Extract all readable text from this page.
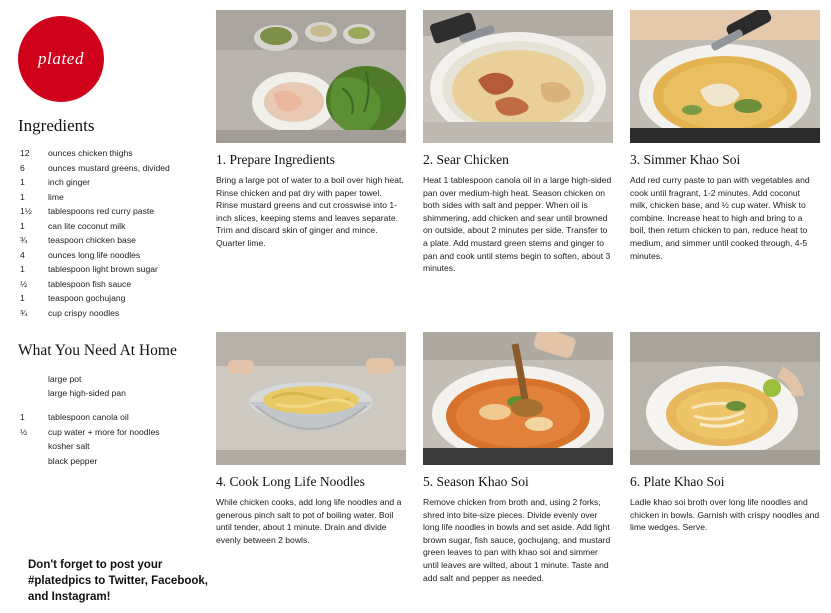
plated
Ingredients
12	ounces chicken thighs
6	ounces mustard greens, divided
1	inch ginger
1	lime
1½	tablespoons red curry paste
1	can lite coconut milk
¾	teaspoon chicken base
4	ounces long life noodles
1	tablespoon light brown sugar
½	tablespoon fish sauce
1	teaspoon gochujang
¾	cup crispy noodles
What You Need At Home
large pot
large high-sided pan
1	tablespoon canola oil
½	cup water + more for noodles
kosher salt
black pepper
Don't forget to post your #platedpics to Twitter, Facebook, and Instagram!
1. Prepare Ingredients
Bring a large pot of water to a boil over high heat. Rinse chicken and pat dry with paper towel. Rinse mustard greens and cut crosswise into 1-inch slices, keeping stems and leaves separate. Trim and discard skin of ginger and mince. Quarter lime.
2. Sear Chicken
Heat 1 tablespoon canola oil in a large high-sided pan over medium-high heat. Season chicken on both sides with salt and pepper. When oil is shimmering, add chicken and sear until browned on outside, about 2 minutes per side. Transfer to a plate. Add mustard green stems and ginger to pan and cook until stems begin to soften, about 3 minutes.
3. Simmer Khao Soi
Add red curry paste to pan with vegetables and cook until fragrant, 1-2 minutes. Add coconut milk, chicken base, and ½ cup water. Whisk to combine. Increase heat to high and bring to a boil, then return chicken to pan, reduce heat to medium, and simmer until cooked through, 4-5 minutes.
4. Cook Long Life Noodles
While chicken cooks, add long life noodles and a generous pinch salt to pot of boiling water. Boil until tender, about 1 minute. Drain and divide evenly between 2 bowls.
5. Season Khao Soi
Remove chicken from broth and, using 2 forks, shred into bite-size pieces. Divide evenly over long life noodles in bowls and set aside. Add light brown sugar, fish sauce, gochujang, and mustard green leaves to pan with khao soi and simmer until leaves are wilted, about 1 minute. Taste and add salt and pepper as needed.
6. Plate Khao Soi
Ladle khao soi broth over long life noodles and chicken in bowls. Garnish with crispy noodles and lime wedges. Serve.
